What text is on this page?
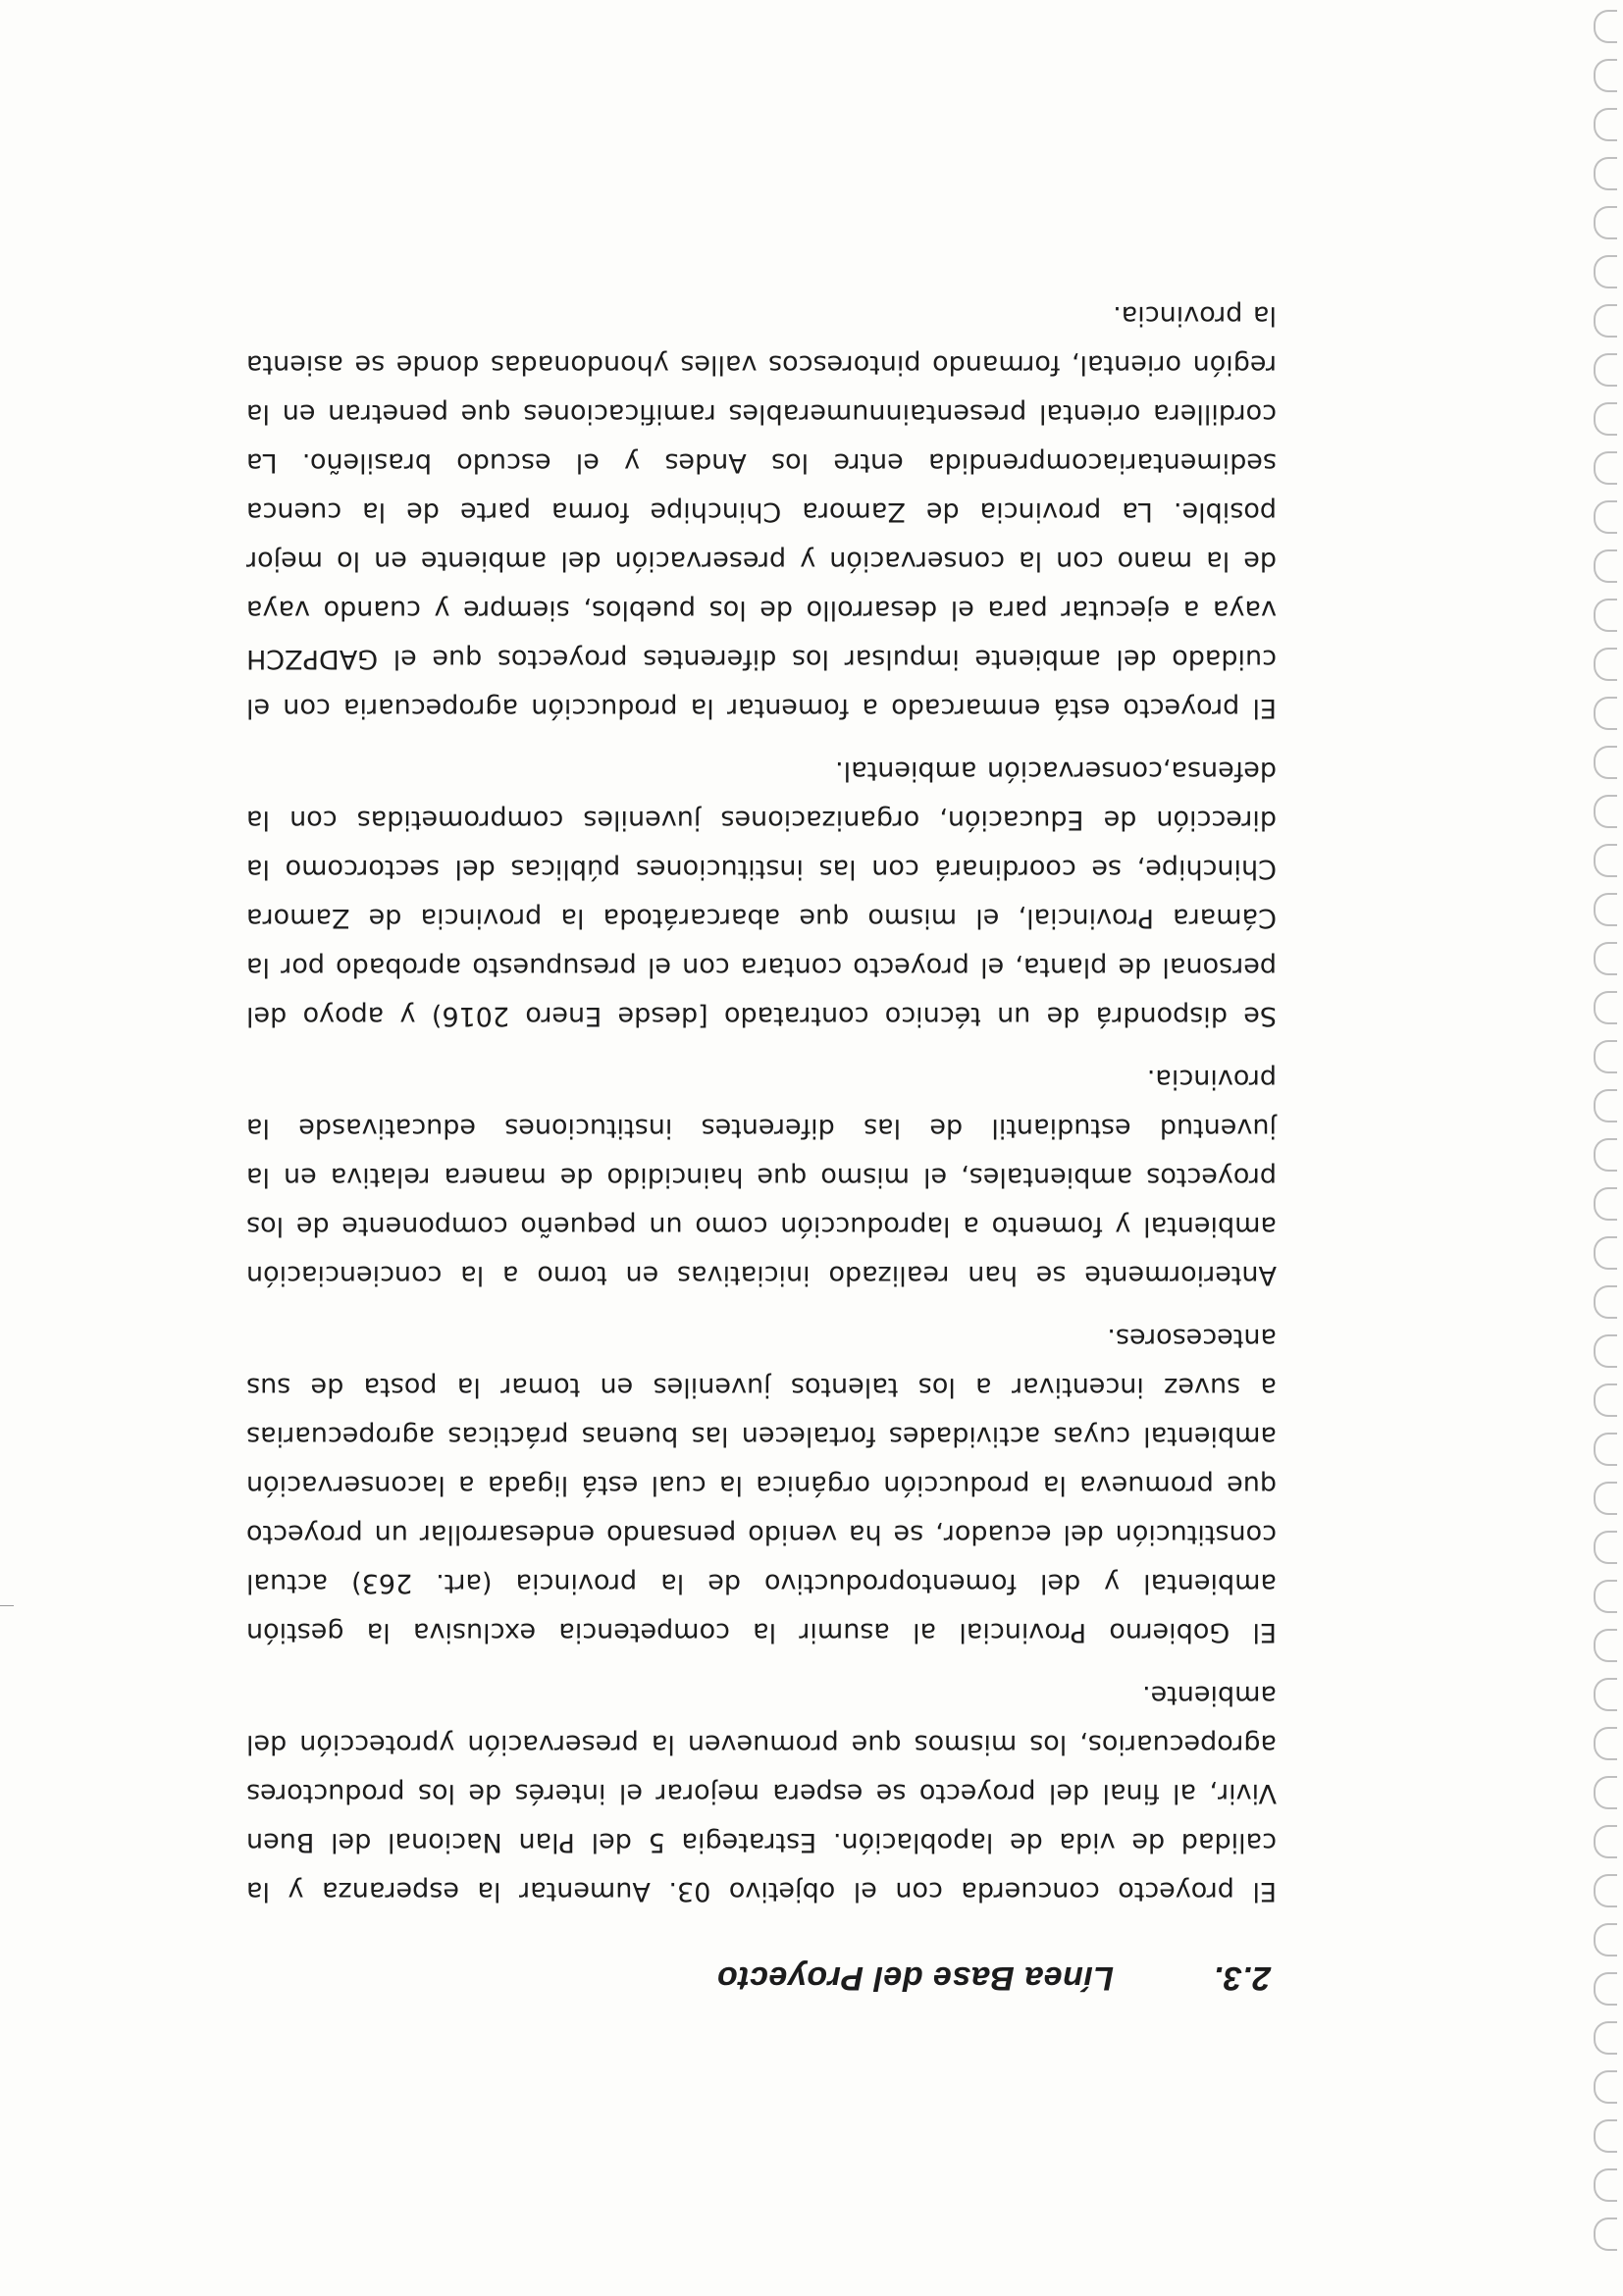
2.3. Línea Base del Proyecto

El proyecto concuerda con el objetivo 03. Aumentar la esperanza y la calidad de vida de lapoblación. Estrategia 5 del Plan Nacional del Buen Vivir, al final del proyecto se espera mejorar el interés de los productores agropecuarios, los mismos que promueven la preservación yprotección del ambiente.

El Gobierno Provincial al asumir la competencia exclusiva la gestión ambiental y del fomentoproductivo de la provincia (art. 263) actual constitución del ecuador, se ha venido pensando endesarrollar un proyecto que promueva la producción orgánica la cual está ligada a laconservación ambiental cuyas actividades fortalecen las buenas prácticas agropecuarias a suvez incentivar a los talentos juveniles en tomar la posta de sus antecesores.

Anteriormente se han realizado iniciativas en torno a la concienciación ambiental y fomento a laproducción como un pequeño componente de los proyectos ambientales, el mismo que haincidido de manera relativa en la juventud estudiantil de las diferentes instituciones educativasde la provincia.

Se dispondrá de un técnico contratado [desde Enero 2016) y apoyo del personal de planta, el proyecto contara con el presupuesto aprobado por la Cámara Provincial, el mismo que abarcarátoda la provincia de Zamora Chinchipe, se coordinará con las instituciones públicas del sectorcomo la dirección de Educación, organizaciones juveniles comprometidas con la defensa,conservación ambiental.

El proyecto está enmarcado a fomentar la producción agropecuaria con el cuidado del ambiente impulsar los diferentes proyectos que el GADPZCH vaya a ejecutar para el desarrollo de los pueblos, siempre y cuando vaya de la mano con la conservación y preservación del ambiente en lo mejor posible. La provincia de Zamora Chinchipe forma parte de la cuenca sedimentariacomprendida entre los Andes y el escudo brasileño. La cordillera oriental presentainnumerables ramificaciones que penetran en la región oriental, formando pintorescos valles yhondonadas donde se asienta la provincia.
